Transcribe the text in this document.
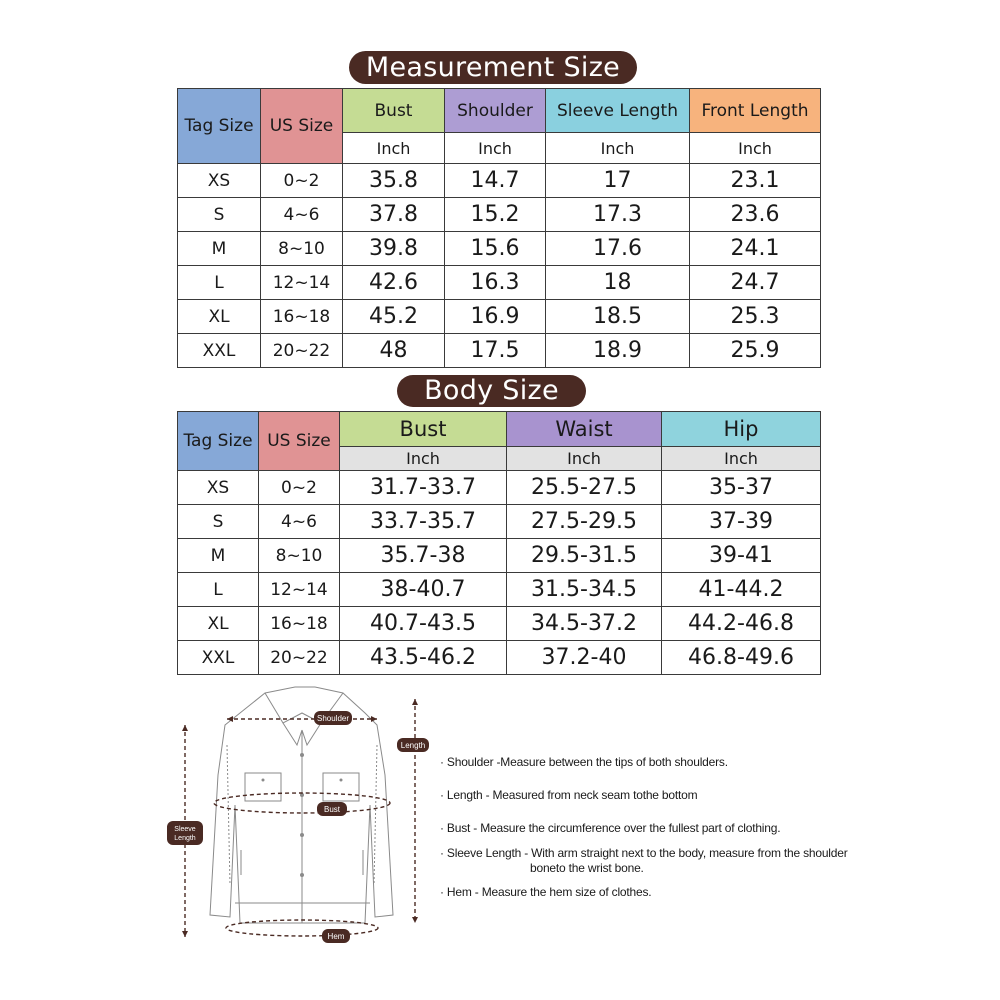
Measurement Size
Tag Size	US Size	Bust	Shoulder	Sleeve Length	Front Length
		Inch	Inch	Inch	Inch
XS	0~2	35.8	14.7	17	23.1
S	4~6	37.8	15.2	17.3	23.6
M	8~10	39.8	15.6	17.6	24.1
L	12~14	42.6	16.3	18	24.7
XL	16~18	45.2	16.9	18.5	25.3
XXL	20~22	48	17.5	18.9	25.9
Body Size
Tag Size	US Size	Bust	Waist	Hip
		Inch	Inch	Inch
XS	0~2	31.7-33.7	25.5-27.5	35-37
S	4~6	33.7-35.7	27.5-29.5	37-39
M	8~10	35.7-38	29.5-31.5	39-41
L	12~14	38-40.7	31.5-34.5	41-44.2
XL	16~18	40.7-43.5	34.5-37.2	44.2-46.8
XXL	20~22	43.5-46.2	37.2-40	46.8-49.6
Shoulder
Length
Bust
Sleeve
Length
Hem
· Shoulder -Measure between the tips of both shoulders.
· Length - Measured from neck seam tothe bottom
· Bust - Measure the circumference over the fullest part of clothing.
· Sleeve Length - With arm straight next to the body, measure from the shoulder
boneto the wrist bone.
· Hem - Measure the hem size of clothes.
